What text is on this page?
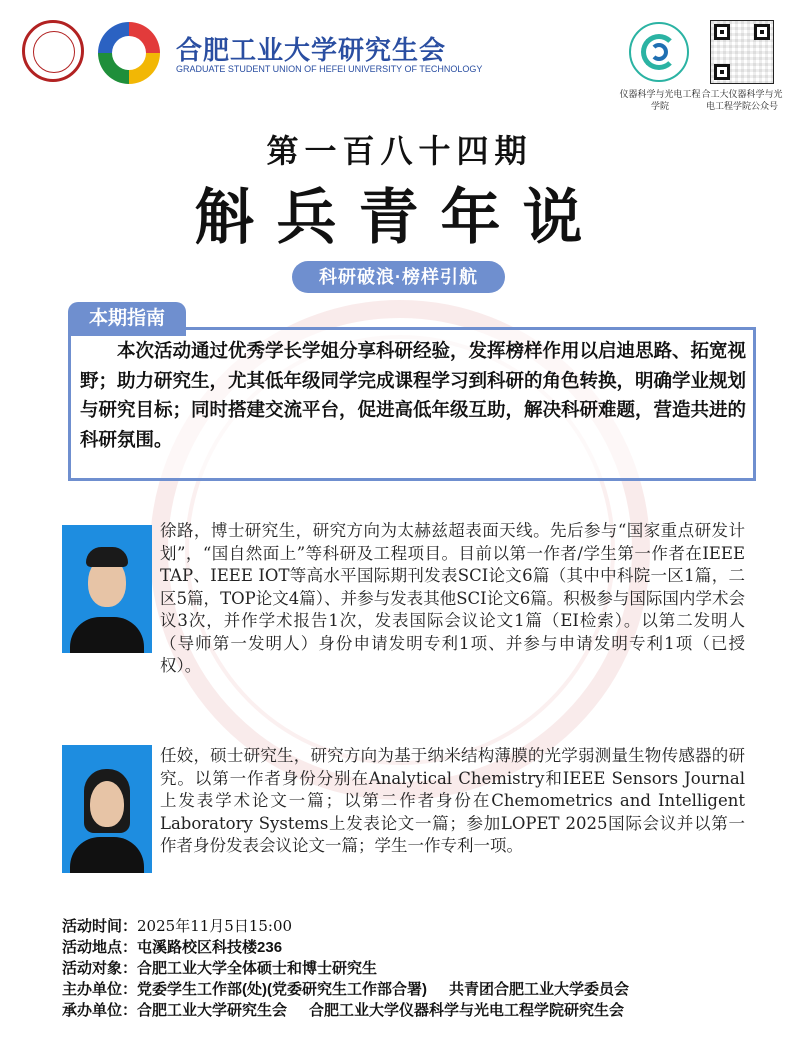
合肥工业大学研究生会
GRADUATE STUDENT UNION OF HEFEI UNIVERSITY OF TECHNOLOGY
仪器科学与光电工程学院
合工大仪器科学与光电工程学院公众号
第一百八十四期
斛兵青年说
科研破浪·榜样引航
本期指南
本次活动通过优秀学长学姐分享科研经验，发挥榜样作用以启迪思路、拓宽视野；助力研究生，尤其低年级同学完成课程学习到科研的角色转换，明确学业规划与研究目标；同时搭建交流平台，促进高低年级互助，解决科研难题，营造共进的科研氛围。
徐路，博士研究生，研究方向为太赫兹超表面天线。先后参与“国家重点研发计划”，“国自然面上”等科研及工程项目。目前以第一作者/学生第一作者在IEEE TAP、IEEE IOT等高水平国际期刊发表SCI论文6篇（其中中科院一区1篇，二区5篇，TOP论文4篇）、并参与发表其他SCI论文6篇。积极参与国际国内学术会议3次，并作学术报告1次，发表国际会议论文1篇（EI检索）。以第二发明人（导师第一发明人）身份申请发明专利1项、并参与申请发明专利1项（已授权）。
任姣，硕士研究生，研究方向为基于纳米结构薄膜的光学弱测量生物传感器的研究。以第一作者身份分别在Analytical Chemistry和IEEE Sensors Journal上发表学术论文一篇；以第二作者身份在Chemometrics and Intelligent Laboratory Systems上发表论文一篇；参加LOPET 2025国际会议并以第一作者身份发表会议论文一篇；学生一作专利一项。
活动时间：2025年11月5日15:00
活动地点：屯溪路校区科技楼236
活动对象：合肥工业大学全体硕士和博士研究生
主办单位：党委学生工作部(处)(党委研究生工作部合署) 共青团合肥工业大学委员会
承办单位：合肥工业大学研究生会 合肥工业大学仪器科学与光电工程学院研究生会
